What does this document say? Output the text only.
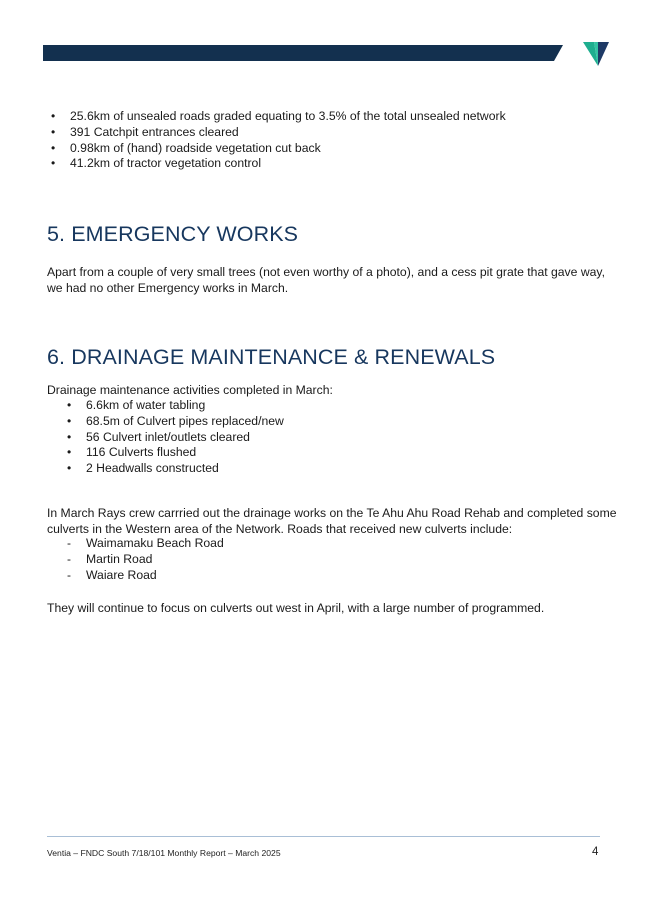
• 25.6km of unsealed roads graded equating to 3.5% of the total unsealed network
• 391 Catchpit entrances cleared
• 0.98km of (hand) roadside vegetation cut back
• 41.2km of tractor vegetation control
5. EMERGENCY WORKS
Apart from a couple of very small trees (not even worthy of a photo), and a cess pit grate that gave way,
we had no other Emergency works in March.
6. DRAINAGE MAINTENANCE & RENEWALS
Drainage maintenance activities completed in March:
• 6.6km of water tabling
• 68.5m of Culvert pipes replaced/new
• 56 Culvert inlet/outlets cleared
• 116 Culverts flushed
• 2 Headwalls constructed
In March Rays crew carrried out the drainage works on the Te Ahu Ahu Road Rehab and completed some
culverts in the Western area of the Network. Roads that received new culverts include:
- Waimamaku Beach Road
- Martin Road
- Waiare Road
They will continue to focus on culverts out west in April, with a large number of programmed.
Ventia – FNDC South 7/18/101 Monthly Report – March 2025	4
